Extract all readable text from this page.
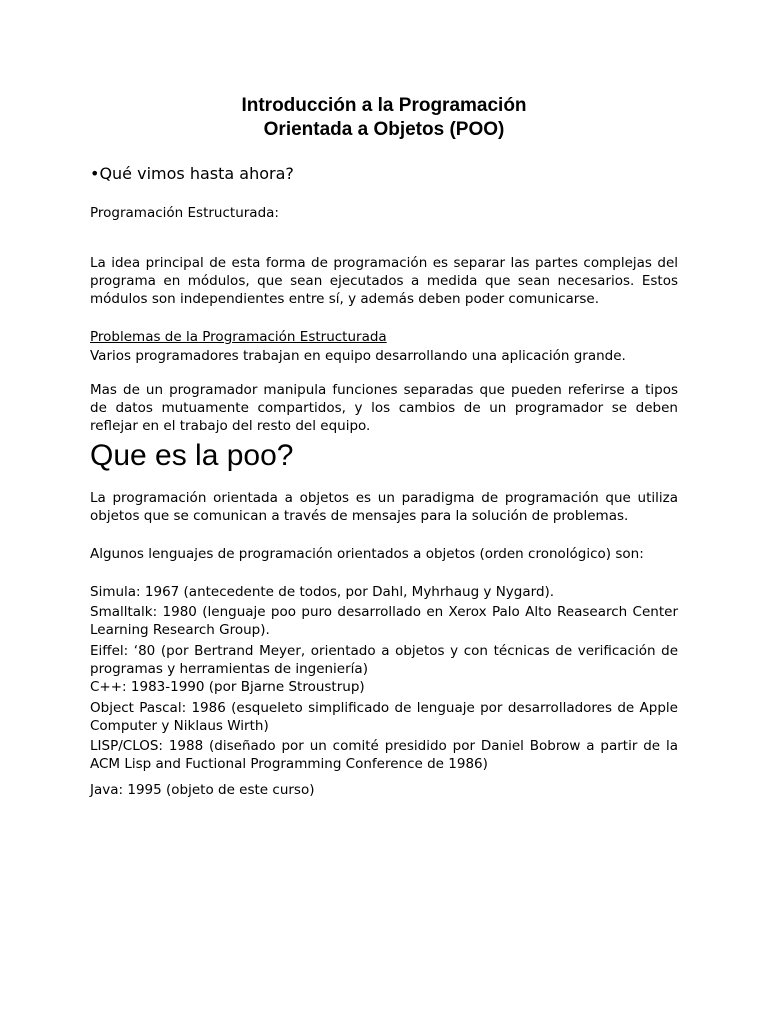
Introducción a la Programación
Orientada a Objetos (POO)
•Qué vimos hasta ahora?
Programación Estructurada:

La idea principal de esta forma de programación es separar las partes complejas del programa en módulos, que sean ejecutados a medida que sean necesarios. Estos módulos son independientes entre sí, y además deben poder comunicarse.

Problemas de la Programación Estructurada
Varios programadores trabajan en equipo desarrollando una aplicación grande.

Mas de un programador manipula funciones separadas que pueden referirse a tipos de datos mutuamente compartidos, y los cambios de un programador se deben reflejar en el trabajo del resto del equipo.

Que es la poo?

La programación orientada a objetos es un paradigma de programación que utiliza objetos que se comunican a través de mensajes para la solución de problemas.

Algunos lenguajes de programación orientados a objetos (orden cronológico) son:

Simula: 1967 (antecedente de todos, por Dahl, Myhrhaug y Nygard).

Smalltalk: 1980 (lenguaje poo puro desarrollado en Xerox Palo Alto Reasearch Center Learning Research Group).

Eiffel: ‘80 (por Bertrand Meyer, orientado a objetos y con técnicas de verificación de programas y herramientas de ingeniería)

C++: 1983-1990 (por Bjarne Stroustrup)

Object Pascal: 1986 (esqueleto simplificado de lenguaje por desarrolladores de Apple Computer y Niklaus Wirth)

LISP/CLOS: 1988 (diseñado por un comité presidido por Daniel Bobrow a partir de la ACM Lisp and Fuctional Programming Conference de 1986)

Java: 1995 (objeto de este curso)
